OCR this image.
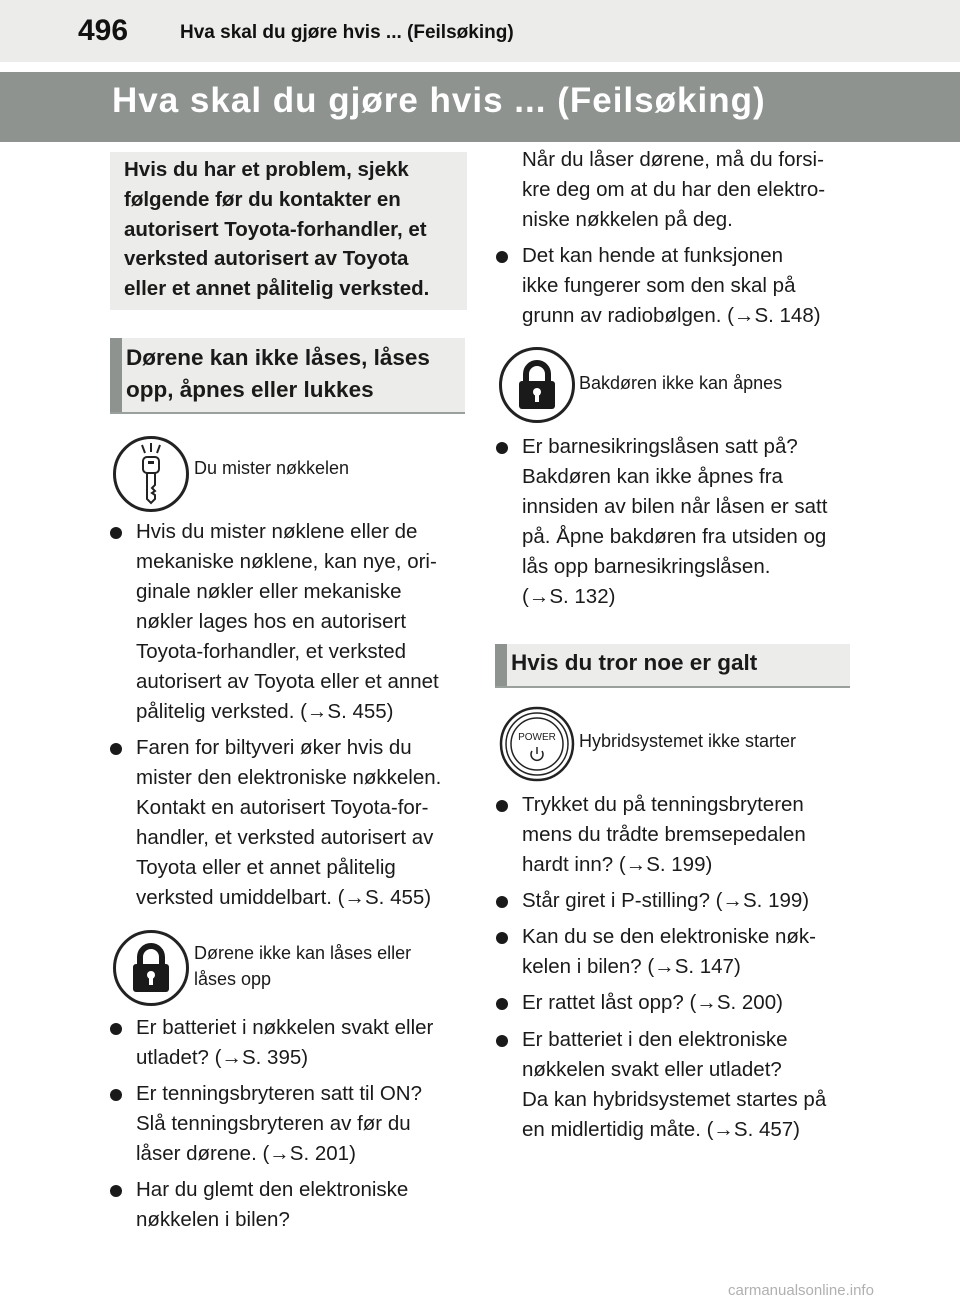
496	Hva skal du gjøre hvis ... (Feilsøking)
Hva skal du gjøre hvis ... (Feilsøking)

Hvis du har et problem, sjekk
følgende før du kontakter en
autorisert Toyota-forhandler, et
verksted autorisert av Toyota
eller et annet pålitelig verksted.

Dørene kan ikke låses, låses
opp, åpnes eller lukkes
Du mister nøkkelen
Hvis du mister nøklene eller de
mekaniske nøklene, kan nye, ori-
ginale nøkler eller mekaniske
nøkler lages hos en autorisert
Toyota-forhandler, et verksted
autorisert av Toyota eller et annet
pålitelig verksted. (→S. 455)
Faren for biltyveri øker hvis du
mister den elektroniske nøkkelen.
Kontakt en autorisert Toyota-for-
handler, et verksted autorisert av
Toyota eller et annet pålitelig
verksted umiddelbart. (→S. 455)
Dørene ikke kan låses eller
låses opp
Er batteriet i nøkkelen svakt eller
utladet? (→S. 395)
Er tenningsbryteren satt til ON?
Slå tenningsbryteren av før du
låser dørene. (→S. 201)
Har du glemt den elektroniske
nøkkelen i bilen?
Når du låser dørene, må du forsi-
kre deg om at du har den elektro-
niske nøkkelen på deg.
Det kan hende at funksjonen
ikke fungerer som den skal på
grunn av radiobølgen. (→S. 148)
Bakdøren ikke kan åpnes
Er barnesikringslåsen satt på?
Bakdøren kan ikke åpnes fra
innsiden av bilen når låsen er satt
på. Åpne bakdøren fra utsiden og
lås opp barnesikringslåsen.
(→S. 132)
Hvis du tror noe er galt
POWER	Hybridsystemet ikke starter
Trykket du på tenningsbryteren
mens du trådte bremsepedalen
hardt inn? (→S. 199)
Står giret i P-stilling? (→S. 199)
Kan du se den elektroniske nøk-
kelen i bilen? (→S. 147)
Er rattet låst opp? (→S. 200)
Er batteriet i den elektroniske
nøkkelen svakt eller utladet?
Da kan hybridsystemet startes på
en midlertidig måte. (→S. 457)
carmanualsonline.info
